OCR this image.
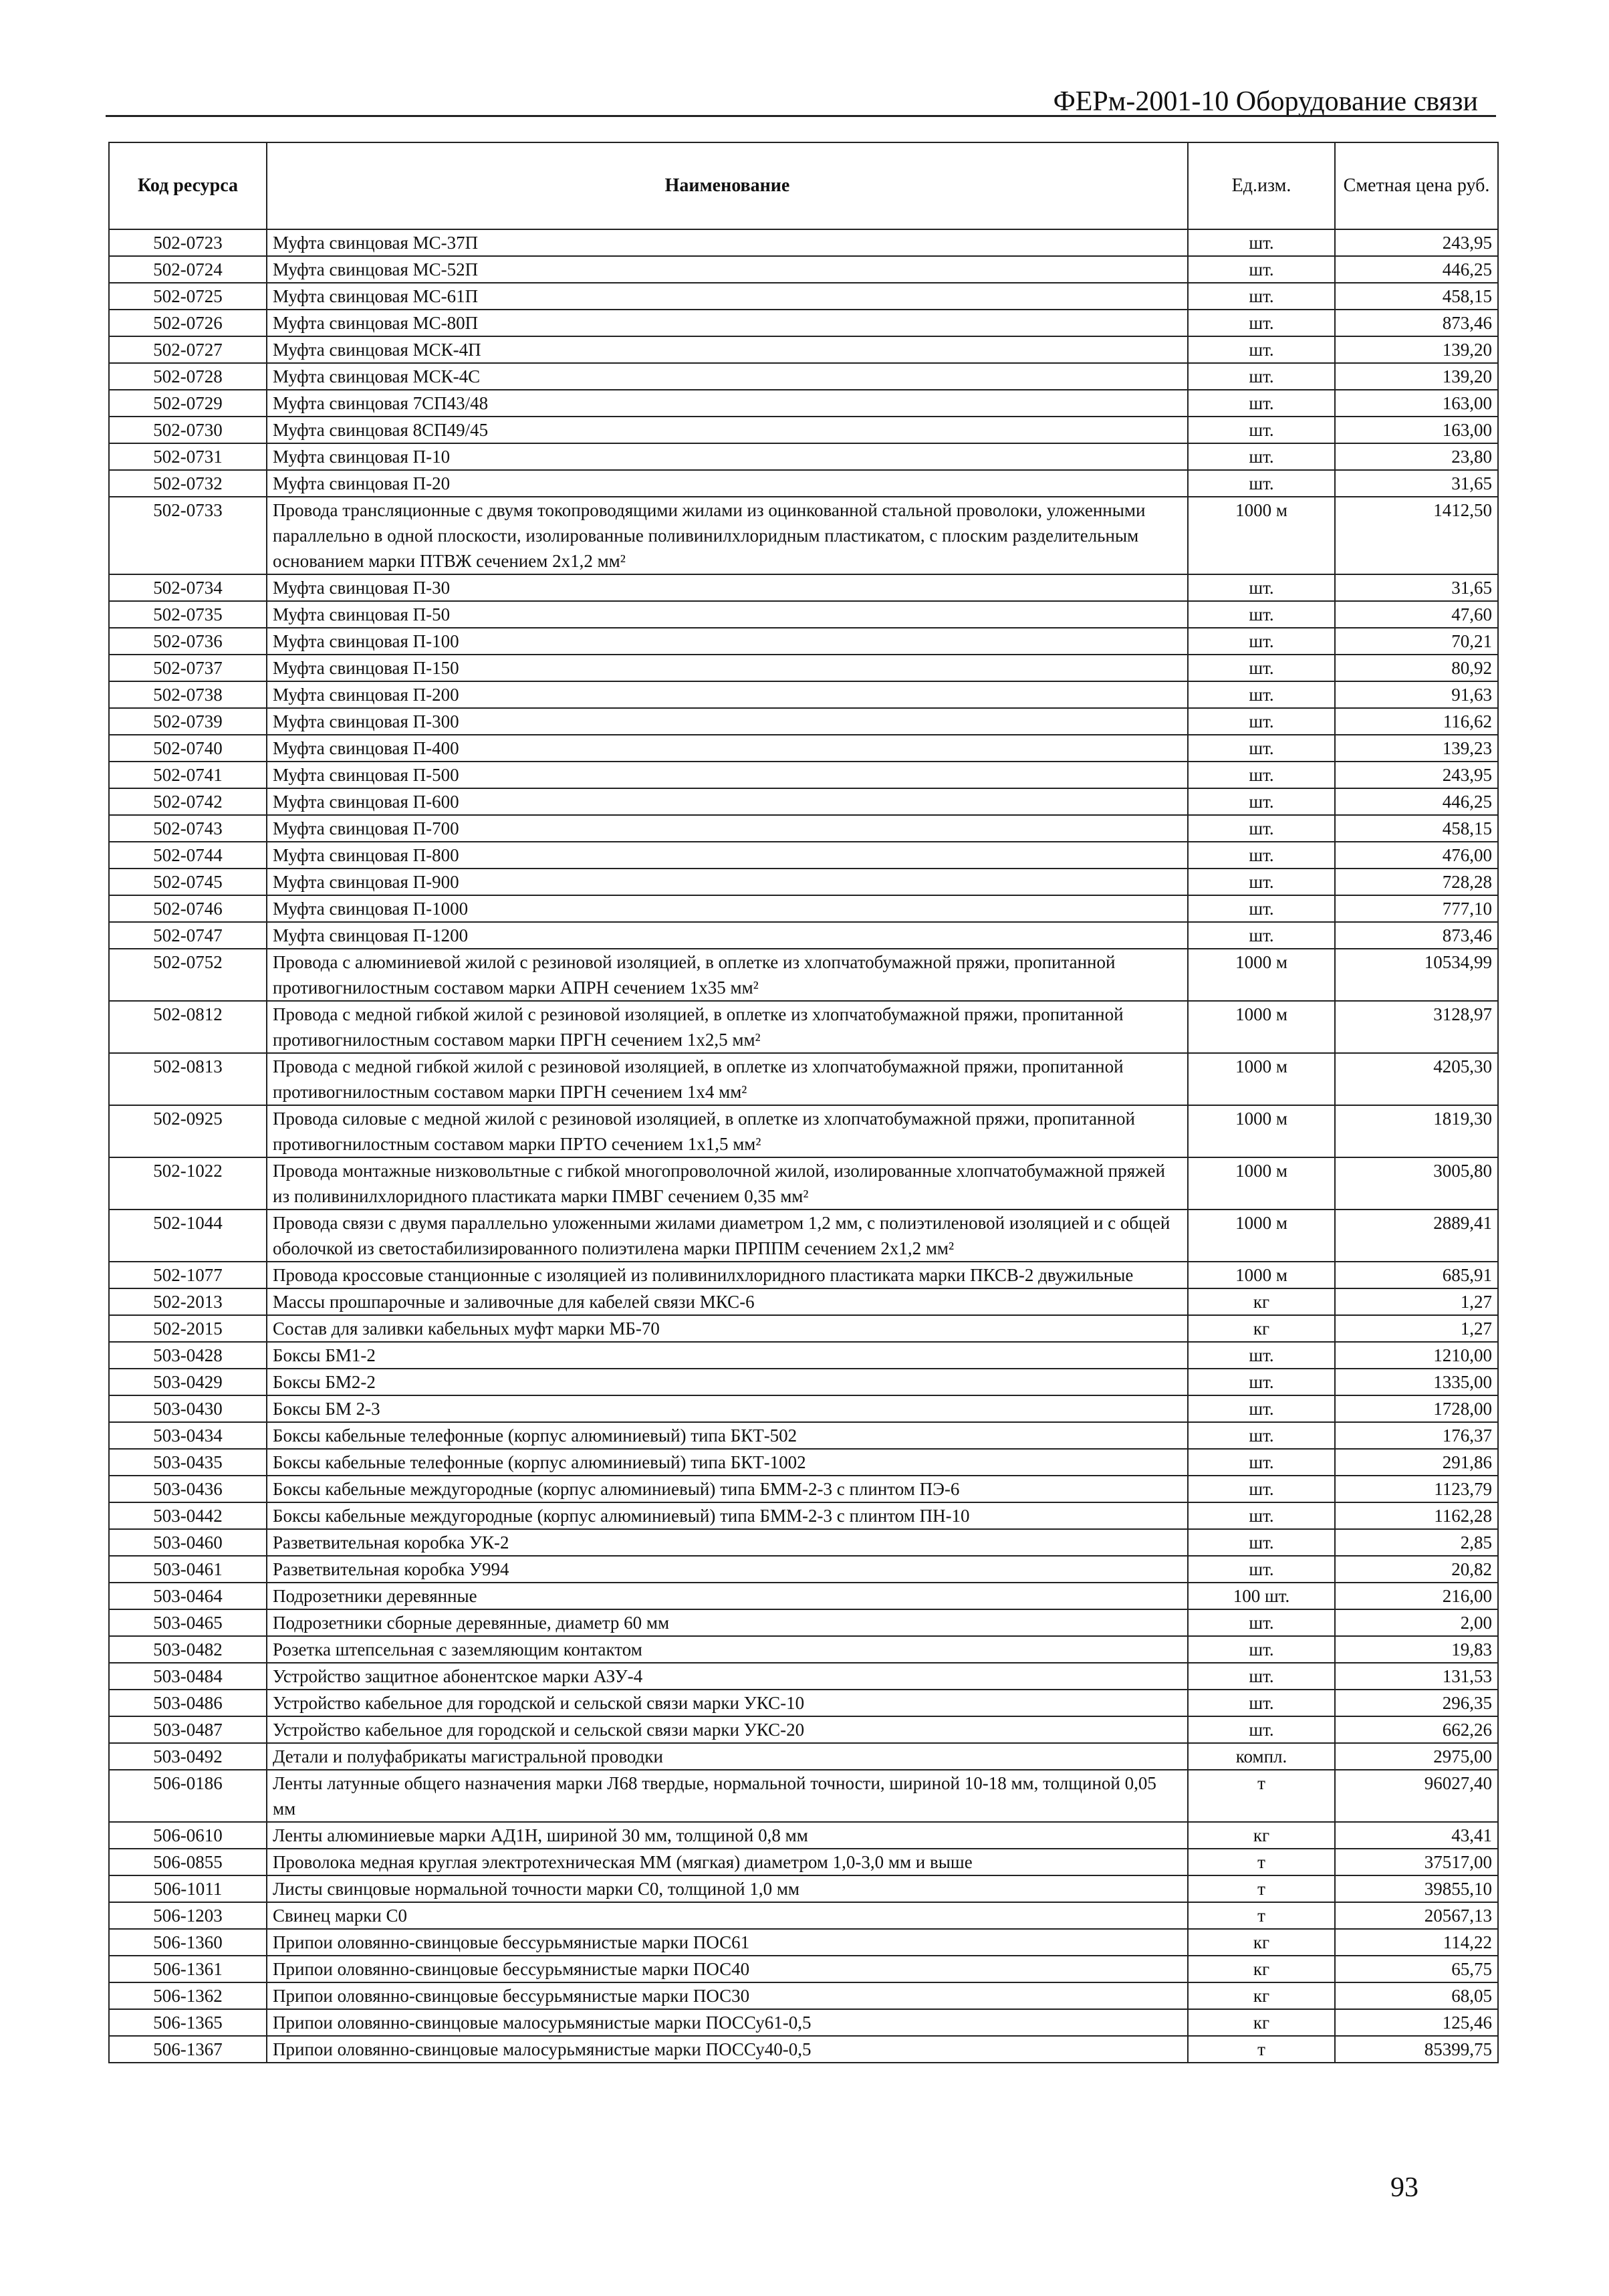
ФЕРм-2001-10 Оборудование связи
Код ресурса	Наименование	Ед.изм.	Сметная цена руб.
502-0723	Муфта свинцовая МС-37П	шт.	243,95
502-0724	Муфта свинцовая МС-52П	шт.	446,25
502-0725	Муфта свинцовая МС-61П	шт.	458,15
502-0726	Муфта свинцовая МС-80П	шт.	873,46
502-0727	Муфта свинцовая МСК-4П	шт.	139,20
502-0728	Муфта свинцовая МСК-4С	шт.	139,20
502-0729	Муфта свинцовая 7СП43/48	шт.	163,00
502-0730	Муфта свинцовая 8СП49/45	шт.	163,00
502-0731	Муфта свинцовая П-10	шт.	23,80
502-0732	Муфта свинцовая П-20	шт.	31,65
502-0733	Провода трансляционные с двумя токопроводящими жилами из оцинкованной стальной проволоки, уложенными параллельно в одной плоскости, изолированные поливинилхлоридным пластикатом, с плоским разделительным основанием марки ПТВЖ сечением 2х1,2 мм²	1000 м	1412,50
502-0734	Муфта свинцовая П-30	шт.	31,65
502-0735	Муфта свинцовая П-50	шт.	47,60
502-0736	Муфта свинцовая П-100	шт.	70,21
502-0737	Муфта свинцовая П-150	шт.	80,92
502-0738	Муфта свинцовая П-200	шт.	91,63
502-0739	Муфта свинцовая П-300	шт.	116,62
502-0740	Муфта свинцовая П-400	шт.	139,23
502-0741	Муфта свинцовая П-500	шт.	243,95
502-0742	Муфта свинцовая П-600	шт.	446,25
502-0743	Муфта свинцовая П-700	шт.	458,15
502-0744	Муфта свинцовая П-800	шт.	476,00
502-0745	Муфта свинцовая П-900	шт.	728,28
502-0746	Муфта свинцовая П-1000	шт.	777,10
502-0747	Муфта свинцовая П-1200	шт.	873,46
502-0752	Провода с алюминиевой жилой с резиновой изоляцией, в оплетке из хлопчатобумажной пряжи, пропитанной противогнилостным составом марки АПРН сечением 1х35 мм²	1000 м	10534,99
502-0812	Провода с медной гибкой жилой с резиновой изоляцией, в оплетке из хлопчатобумажной пряжи, пропитанной противогнилостным составом марки ПРГН сечением 1х2,5 мм²	1000 м	3128,97
502-0813	Провода с медной гибкой жилой с резиновой изоляцией, в оплетке из хлопчатобумажной пряжи, пропитанной противогнилостным составом марки ПРГН сечением 1х4 мм²	1000 м	4205,30
502-0925	Провода силовые с медной жилой с резиновой изоляцией, в оплетке из хлопчатобумажной пряжи, пропитанной противогнилостным составом марки ПРТО сечением 1х1,5 мм²	1000 м	1819,30
502-1022	Провода монтажные низковольтные с гибкой многопроволочной жилой, изолированные хлопчатобумажной пряжей из поливинилхлоридного пластиката марки ПМВГ сечением 0,35 мм²	1000 м	3005,80
502-1044	Провода связи с двумя параллельно уложенными жилами диаметром 1,2 мм, с полиэтиленовой изоляцией и с общей оболочкой из светостабилизированного полиэтилена марки ПРППМ сечением 2х1,2 мм²	1000 м	2889,41
502-1077	Провода кроссовые станционные с изоляцией из поливинилхлоридного пластиката марки ПКСВ-2 двужильные	1000 м	685,91
502-2013	Массы прошпарочные и заливочные для кабелей связи МКС-6	кг	1,27
502-2015	Состав для заливки кабельных муфт марки МБ-70	кг	1,27
503-0428	Боксы БМ1-2	шт.	1210,00
503-0429	Боксы БМ2-2	шт.	1335,00
503-0430	Боксы БМ 2-3	шт.	1728,00
503-0434	Боксы кабельные телефонные (корпус алюминиевый) типа БКТ-502	шт.	176,37
503-0435	Боксы кабельные телефонные (корпус алюминиевый) типа БКТ-1002	шт.	291,86
503-0436	Боксы кабельные междугородные (корпус алюминиевый) типа БММ-2-3 с плинтом ПЭ-6	шт.	1123,79
503-0442	Боксы кабельные междугородные (корпус алюминиевый) типа БММ-2-3 с плинтом ПН-10	шт.	1162,28
503-0460	Разветвительная коробка УК-2	шт.	2,85
503-0461	Разветвительная коробка У994	шт.	20,82
503-0464	Подрозетники деревянные	100 шт.	216,00
503-0465	Подрозетники сборные деревянные, диаметр 60 мм	шт.	2,00
503-0482	Розетка штепсельная с заземляющим контактом	шт.	19,83
503-0484	Устройство защитное абонентское марки АЗУ-4	шт.	131,53
503-0486	Устройство кабельное для городской и сельской связи марки УКС-10	шт.	296,35
503-0487	Устройство кабельное для городской и сельской связи марки УКС-20	шт.	662,26
503-0492	Детали и полуфабрикаты магистральной проводки	компл.	2975,00
506-0186	Ленты латунные общего назначения марки Л68 твердые, нормальной точности, шириной 10-18 мм, толщиной 0,05 мм	т	96027,40
506-0610	Ленты алюминиевые марки АД1Н, шириной 30 мм, толщиной 0,8 мм	кг	43,41
506-0855	Проволока медная круглая электротехническая ММ (мягкая) диаметром 1,0-3,0 мм и выше	т	37517,00
506-1011	Листы свинцовые нормальной точности марки С0, толщиной 1,0 мм	т	39855,10
506-1203	Свинец марки С0	т	20567,13
506-1360	Припои оловянно-свинцовые бессурьмянистые марки ПОС61	кг	114,22
506-1361	Припои оловянно-свинцовые бессурьмянистые марки ПОС40	кг	65,75
506-1362	Припои оловянно-свинцовые бессурьмянистые марки ПОС30	кг	68,05
506-1365	Припои оловянно-свинцовые малосурьмянистые марки ПОССу61-0,5	кг	125,46
506-1367	Припои оловянно-свинцовые малосурьмянистые марки ПОССу40-0,5	т	85399,75
93
